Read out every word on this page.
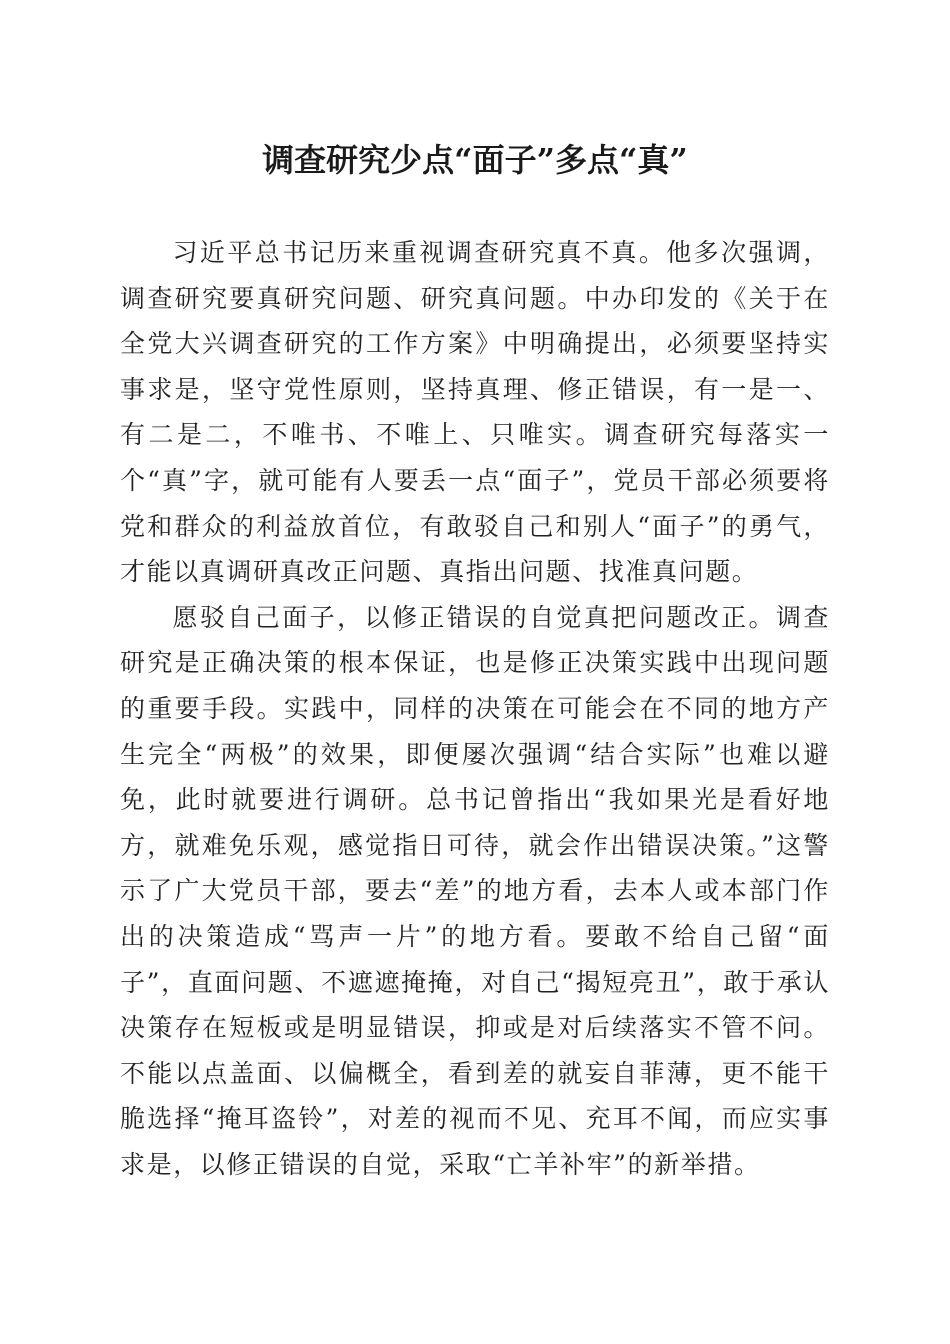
调查研究少点“面子”多点“真”

习近平总书记历来重视调查研究真不真。他多次强调，调查研究要真研究问题、研究真问题。中办印发的《关于在全党大兴调查研究的工作方案》中明确提出，必须要坚持实事求是，坚守党性原则，坚持真理、修正错误，有一是一、有二是二，不唯书、不唯上、只唯实。调查研究每落实一个“真”字，就可能有人要丢一点“面子”，党员干部必须要将党和群众的利益放首位，有敢驳自己和别人“面子”的勇气，才能以真调研真改正问题、真指出问题、找准真问题。

愿驳自己面子，以修正错误的自觉真把问题改正。调查研究是正确决策的根本保证，也是修正决策实践中出现问题的重要手段。实践中，同样的决策在可能会在不同的地方产生完全“两极”的效果，即便屡次强调“结合实际”也难以避免，此时就要进行调研。总书记曾指出“我如果光是看好地方，就难免乐观，感觉指日可待，就会作出错误决策。”这警示了广大党员干部，要去“差”的地方看，去本人或本部门作出的决策造成“骂声一片”的地方看。要敢不给自己留“面子”，直面问题、不遮遮掩掩，对自己“揭短亮丑”，敢于承认决策存在短板或是明显错误，抑或是对后续落实不管不问。不能以点盖面、以偏概全，看到差的就妄自菲薄，更不能干脆选择“掩耳盗铃”，对差的视而不见、充耳不闻，而应实事求是，以修正错误的自觉，采取“亡羊补牢”的新举措。
